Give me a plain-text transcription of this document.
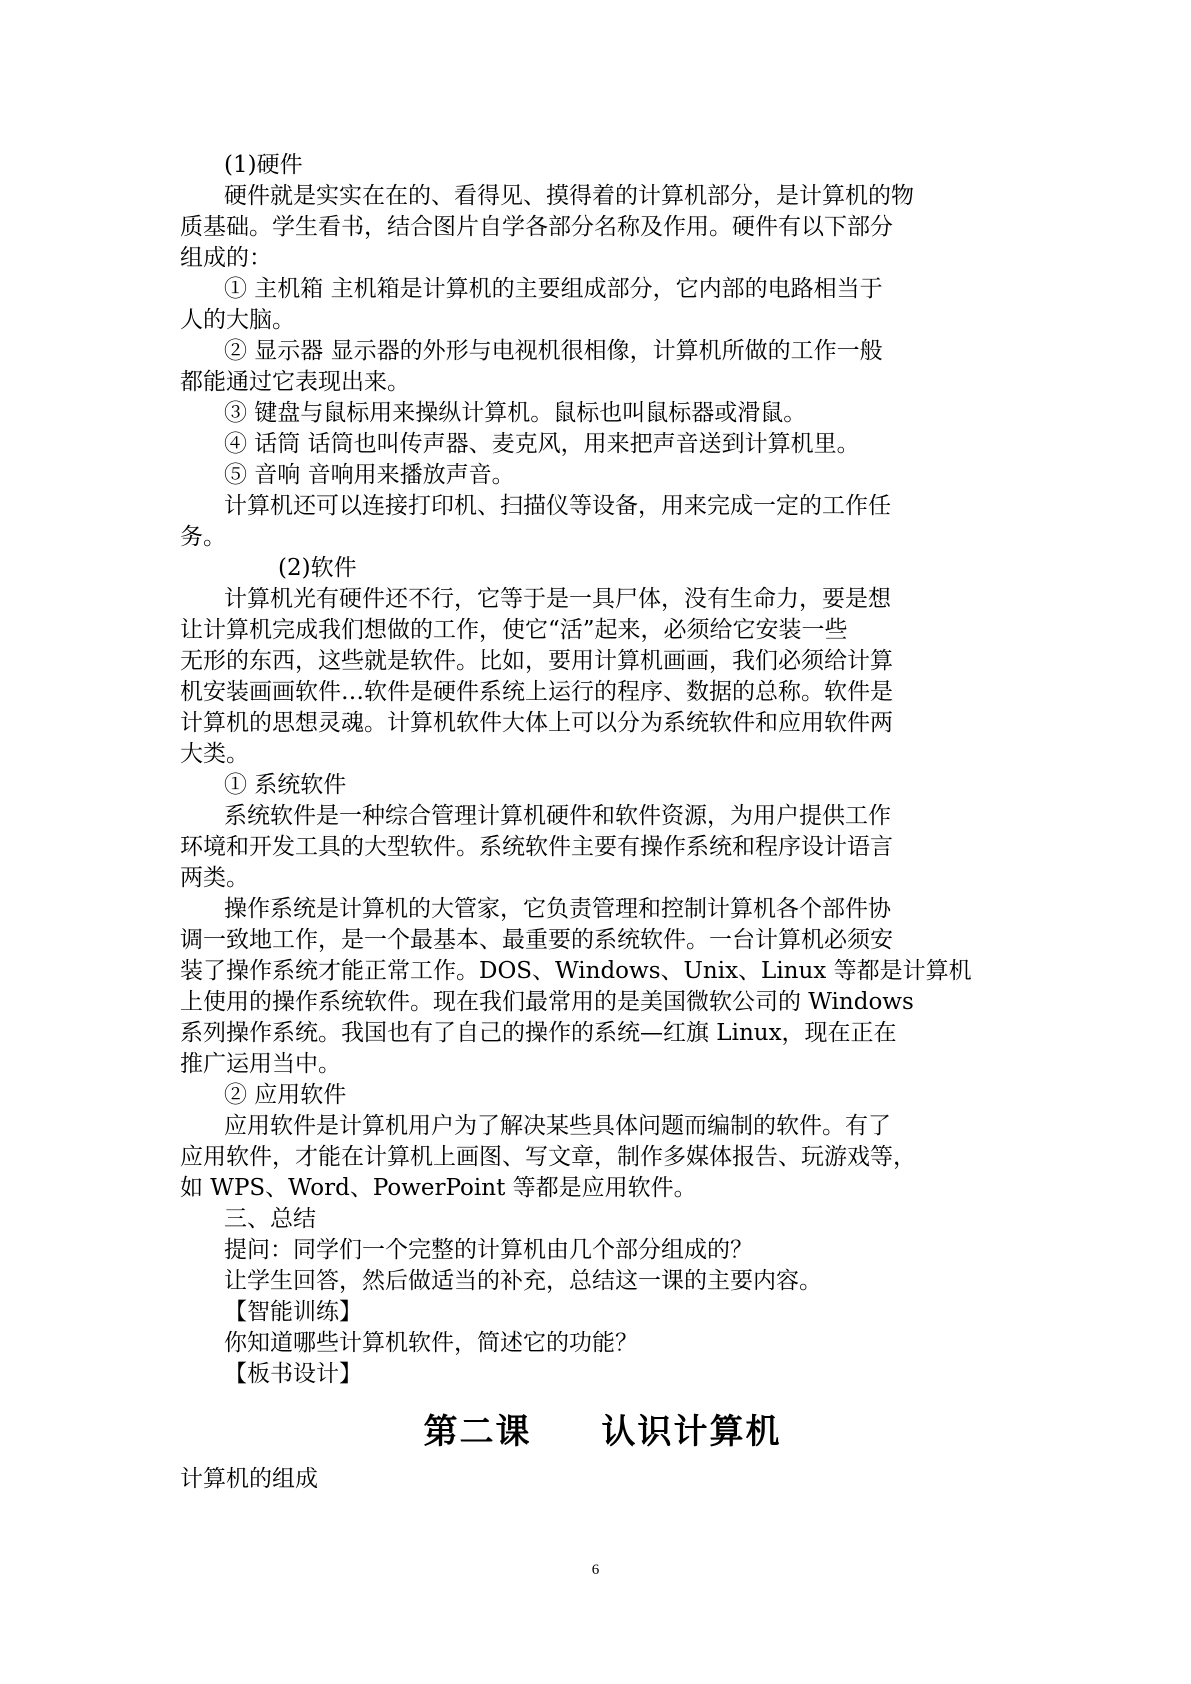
(1)硬件

硬件就是实实在在的、看得见、摸得着的计算机部分，是计算机的物

质基础。学生看书，结合图片自学各部分名称及作用。硬件有以下部分

组成的：

① 主机箱 主机箱是计算机的主要组成部分，它内部的电路相当于

人的大脑。

② 显示器 显示器的外形与电视机很相像，计算机所做的工作一般

都能通过它表现出来。

③ 键盘与鼠标用来操纵计算机。鼠标也叫鼠标器或滑鼠。

④ 话筒 话筒也叫传声器、麦克风，用来把声音送到计算机里。

⑤ 音响 音响用来播放声音。

计算机还可以连接打印机、扫描仪等设备，用来完成一定的工作任

务。

(2)软件

计算机光有硬件还不行，它等于是一具尸体，没有生命力，要是想

让计算机完成我们想做的工作，使它“活”起来，必须给它安装一些

无形的东西，这些就是软件。比如，要用计算机画画，我们必须给计算

机安装画画软件…软件是硬件系统上运行的程序、数据的总称。软件是

计算机的思想灵魂。计算机软件大体上可以分为系统软件和应用软件两

大类。

① 系统软件

系统软件是一种综合管理计算机硬件和软件资源，为用户提供工作

环境和开发工具的大型软件。系统软件主要有操作系统和程序设计语言

两类。

操作系统是计算机的大管家，它负责管理和控制计算机各个部件协

调一致地工作，是一个最基本、最重要的系统软件。一台计算机必须安

装了操作系统才能正常工作。DOS、Windows、Unix、Linux 等都是计算机

上使用的操作系统软件。现在我们最常用的是美国微软公司的 Windows

系列操作系统。我国也有了自己的操作的系统—红旗 Linux，现在正在

推广运用当中。

② 应用软件

应用软件是计算机用户为了解决某些具体问题而编制的软件。有了

应用软件，才能在计算机上画图、写文章，制作多媒体报告、玩游戏等，

如 WPS、Word、PowerPoint 等都是应用软件。

三、总结

提问：同学们一个完整的计算机由几个部分组成的？

让学生回答，然后做适当的补充，总结这一课的主要内容。

【智能训练】

你知道哪些计算机软件，简述它的功能？

【板书设计】

第二课 认识计算机

计算机的组成

6
